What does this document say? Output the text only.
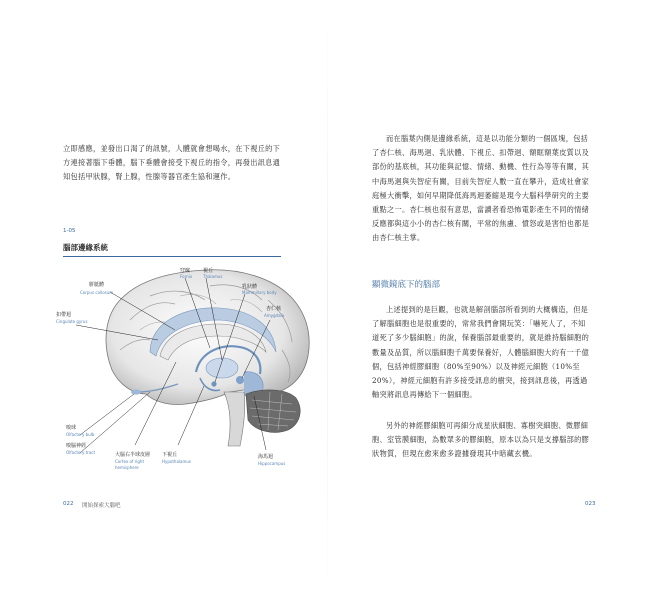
立即感應，並發出口渴了的訊號，人體就會想喝水，在下視丘的下方連接著腦下垂體，腦下垂體會接受下視丘的指令，再發出訊息通知包括甲狀腺，腎上腺，性腺等器官產生協和運作。

1-05
腦部邊緣系統
穹窿
Fornix
視丘
Thalamus
乳狀體
Mammillary body
胼胝體
Corpus callosum
杏仁核
Amygdala
扣帶迴
Cingulate gyrus
嗅球
Olfactory bulb
嗅腦神經
Olfactory tract	大腦右半球皮層
Cortex of right
hemisphere
下視丘
Hypothalamus
海馬迴
Hippocampus
022 開始探索大腦吧

而在腦葉內側是邊緣系統，這是以功能分類的一個區塊，包括了杏仁核、海馬迴、乳狀體、下視丘、扣帶迴、額眶額葉皮質以及部份的基底核，其功能與記憶、情緒、動機、性行為等等有關，其中海馬迴與失智症有關，目前失智症人數一直在攀升，造成社會家庭極大衝擊，如何早期降低海馬迴萎縮是現今大腦科學研究的主要重點之一。杏仁核也很有意思，當讀者看恐怖電影產生不同的情緒反應都與這小小的杏仁核有關，平常的焦慮、憤怒或是害怕也都是由杏仁核主掌。

顯微鏡底下的腦部

上述提到的是巨觀，也就是解剖腦部所看到的大概構造，但是了解腦細胞也是很重要的，常常我們會開玩笑：「嚇死人了，不知道死了多少腦細胞」的說，保養腦部最重要的，就是維持腦細胞的數量及品質，所以腦細胞千萬要保養好，人體腦細胞大約有一千億個，包括神經膠細胞（80%至90%）以及神經元細胞（10%至20%），神經元細胞有許多接受訊息的樹突，接到訊息後，再透過軸突將訊息再傳給下一個細胞。

另外的神經膠細胞可再細分成星狀細胞、寡樹突細胞、微膠細胞、室管膜細胞，為數眾多的膠細胞，原本以為只是支撐腦部的膠狀物質，但現在愈來愈多證據發現其中暗藏玄機。

023
